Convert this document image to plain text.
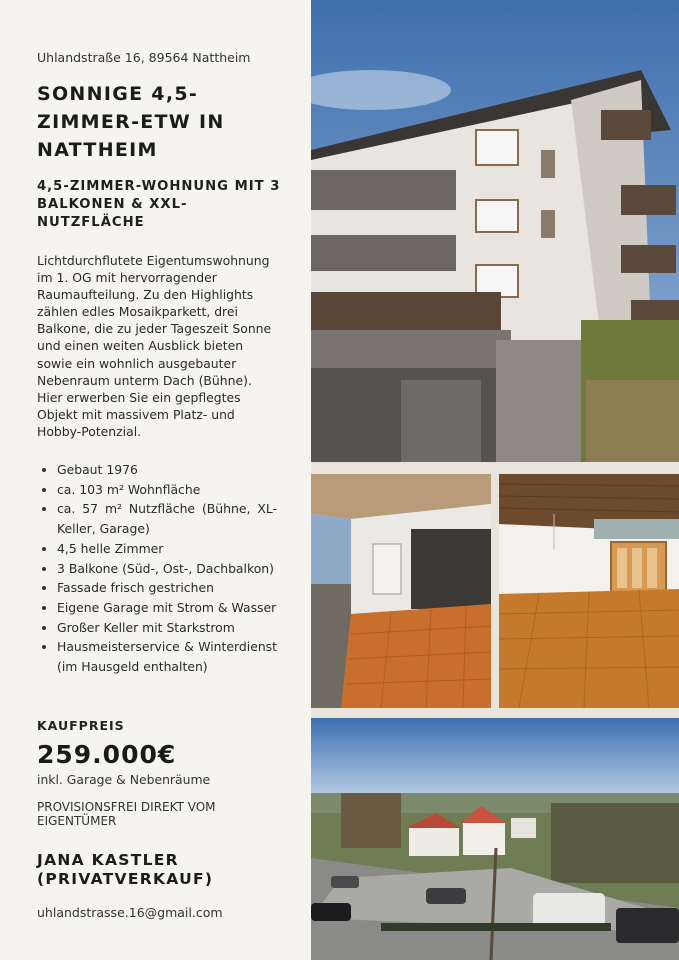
Uhlandstraße 16, 89564 Nattheim
SONNIGE 4,5-ZIMMER-ETW IN NATTHEIM
4,5-ZIMMER-WOHNUNG MIT 3 BALKONEN & XXL-NUTZFLÄCHE

Lichtdurchflutete Eigentumswohnung im 1. OG mit hervorragender Raumaufteilung. Zu den Highlights zählen edles Mosaikparkett, drei Balkone, die zu jeder Tageszeit Sonne und einen weiten Ausblick bieten sowie ein wohnlich ausgebauter Nebenraum unterm Dach (Bühne). Hier erwerben Sie ein gepflegtes Objekt mit massivem Platz- und Hobby-Potenzial.

Gebaut 1976
ca. 103 m² Wohnfläche
ca. 57 m² Nutzfläche (Bühne, XL-Keller, Garage)
4,5 helle Zimmer
3 Balkone (Süd-, Ost-, Dachbalkon)
Fassade frisch gestrichen
Eigene Garage mit Strom & Wasser
Großer Keller mit Starkstrom
Hausmeisterservice & Winterdienst (im Hausgeld enthalten)
KAUFPREIS
259.000€
inkl. Garage & Nebenräume
PROVISIONSFREI DIREKT VOM EIGENTÜMER
JANA KASTLER (PRIVATVERKAUF)
uhlandstrasse.16@gmail.com
